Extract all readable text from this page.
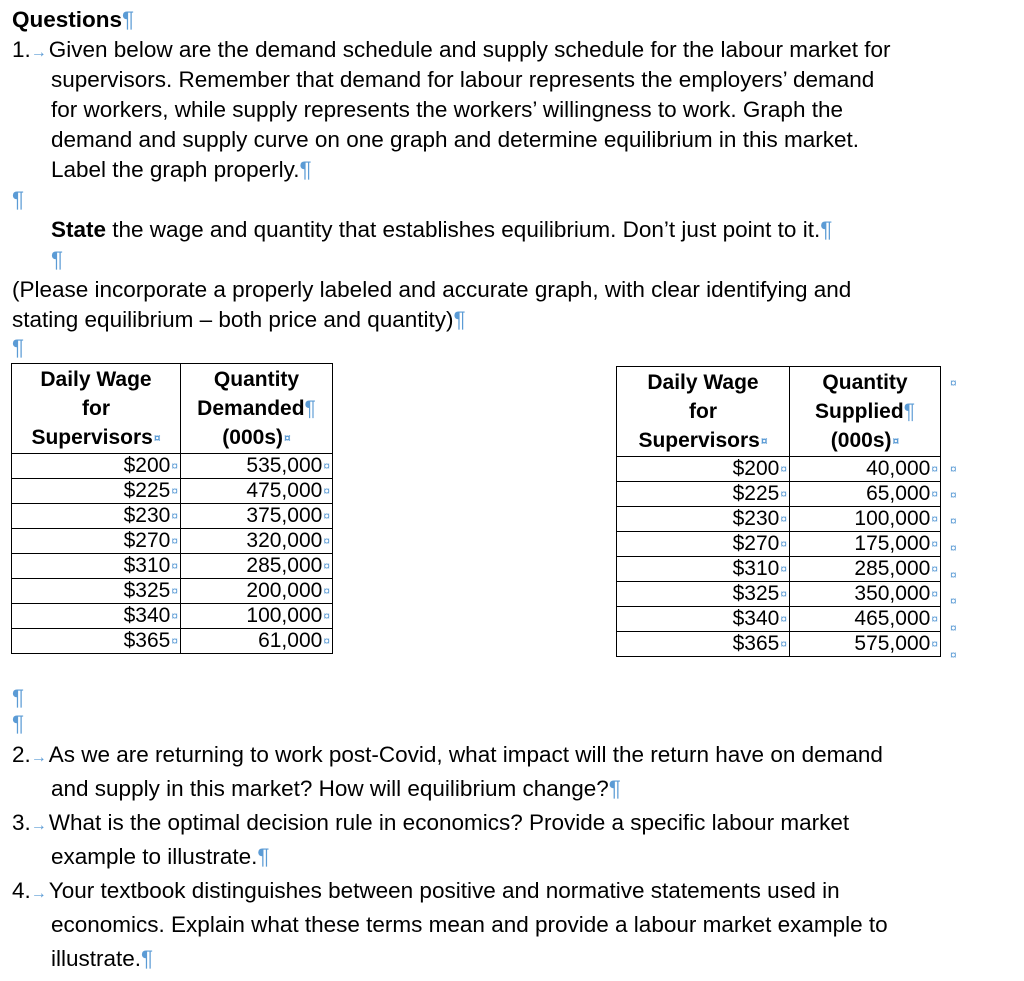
Questions¶
1.→Given below are the demand schedule and supply schedule for the labour market for
supervisors. Remember that demand for labour represents the employers’ demand
for workers, while supply represents the workers’ willingness to work. Graph the
demand and supply curve on one graph and determine equilibrium in this market.
Label the graph properly.¶
¶
State the wage and quantity that establishes equilibrium. Don’t just point to it.¶
¶
(Please incorporate a properly labeled and accurate graph, with clear identifying and
stating equilibrium – both price and quantity)¶
¶
Daily Wage
for
Supervisors¤	Quantity
Demanded¶
(000s)¤
$200¤	535,000¤
$225¤	475,000¤
$230¤	375,000¤
$270¤	320,000¤
$310¤	285,000¤
$325¤	200,000¤
$340¤	100,000¤
$365¤	61,000¤
Daily Wage
for
Supervisors¤	Quantity
Supplied¶
(000s)¤
$200¤	40,000¤
$225¤	65,000¤
$230¤	100,000¤
$270¤	175,000¤
$310¤	285,000¤
$325¤	350,000¤
$340¤	465,000¤
$365¤	575,000¤
¤
¤
¤
¤
¤
¤
¤
¤
¤
¶
¶
2.→As we are returning to work post-Covid, what impact will the return have on demand
and supply in this market? How will equilibrium change?¶
3.→What is the optimal decision rule in economics? Provide a specific labour market
example to illustrate.¶
4.→Your textbook distinguishes between positive and normative statements used in
economics. Explain what these terms mean and provide a labour market example to
illustrate.¶
